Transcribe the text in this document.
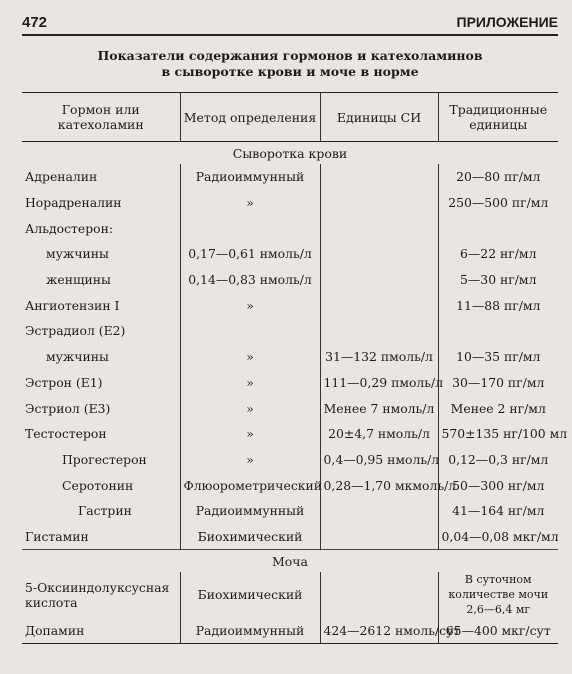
472	ПРИЛОЖЕНИЕ
Показатели содержания гормонов и катехоламинов
в сыворотке крови и моче в норме
Гормон или катехоламин	Метод определения	Единицы СИ	Традиционные единицы
Сыворотка крови			
Адреналин	Радиоиммунный		20—80 пг/мл
Норадреналин	»		250—500 пг/мл
Альдостерон:			
мужчины	0,17—0,61 нмоль/л		6—22 нг/мл
женщины	0,14—0,83 нмоль/л		5—30 нг/мл
Ангиотензин I	»		11—88 пг/мл
Эстрадиол (Е2)			
мужчины	»	31—132 пмоль/л	10—35 пг/мл
Эстрон (Е1)	»	111—0,29 пмоль/л	30—170 пг/мл
Эстриол (Е3)	»	Менее 7 нмоль/л	Менее 2 нг/мл
Тестостерон	»	20±4,7 нмоль/л	570±135 нг/100 мл
Прогестерон	»	0,4—0,95 нмоль/л	0,12—0,3 нг/мл
Серотонин	Флюорометрический	0,28—1,70 мкмоль/л	50—300 нг/мл
Гастрин	Радиоиммунный		41—164 нг/мл
Гистамин	Биохимический		0,04—0,08 мкг/мл
Моча			
5-Оксииндолуксусная кислота	Биохимический		В суточном количестве мочи 2,6—6,4 мг
Допамин	Радиоиммунный	424—2612 нмоль/сут	65—400 мкг/сут
